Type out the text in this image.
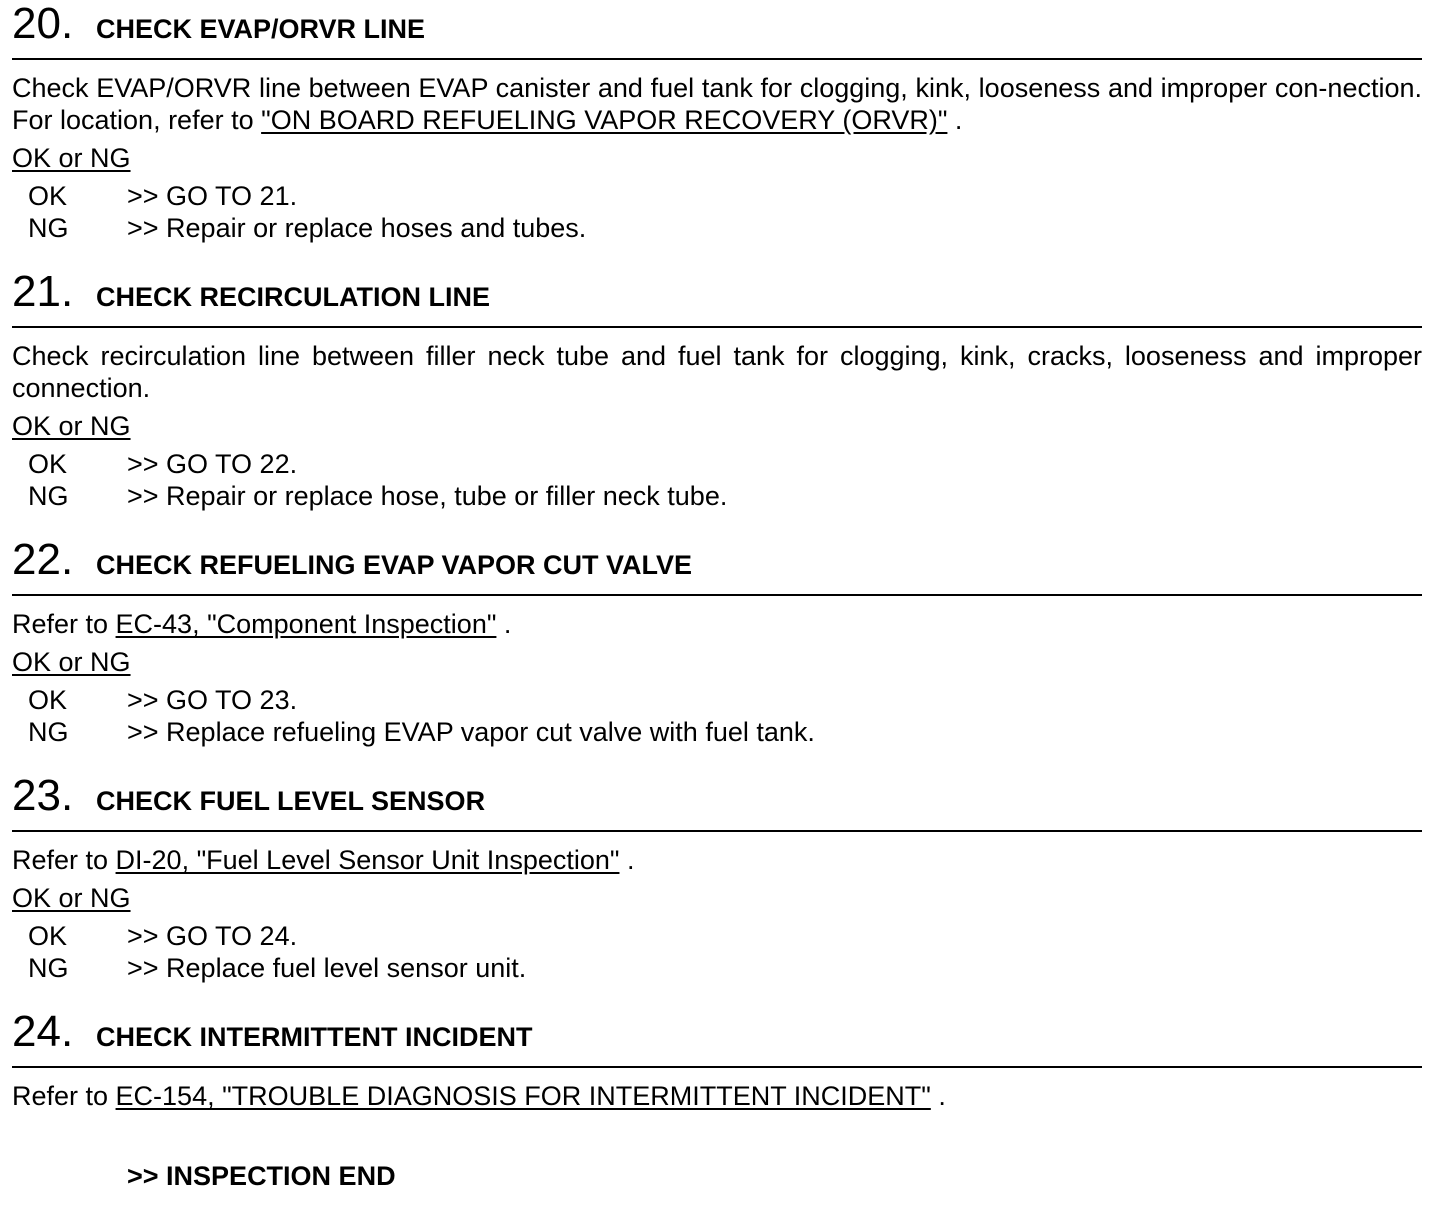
20. CHECK EVAP/ORVR LINE
Check EVAP/ORVR line between EVAP canister and fuel tank for clogging, kink, looseness and improper con-nection. For location, refer to "ON BOARD REFUELING VAPOR RECOVERY (ORVR)" .
OK or NG
OK >> GO TO 21.
NG >> Repair or replace hoses and tubes.
21. CHECK RECIRCULATION LINE
Check recirculation line between filler neck tube and fuel tank for clogging, kink, cracks, looseness and improper connection.
OK or NG
OK >> GO TO 22.
NG >> Repair or replace hose, tube or filler neck tube.
22. CHECK REFUELING EVAP VAPOR CUT VALVE
Refer to EC-43, "Component Inspection" .
OK or NG
OK >> GO TO 23.
NG >> Replace refueling EVAP vapor cut valve with fuel tank.
23. CHECK FUEL LEVEL SENSOR
Refer to DI-20, "Fuel Level Sensor Unit Inspection" .
OK or NG
OK >> GO TO 24.
NG >> Replace fuel level sensor unit.
24. CHECK INTERMITTENT INCIDENT
Refer to EC-154, "TROUBLE DIAGNOSIS FOR INTERMITTENT INCIDENT" .
>> INSPECTION END
